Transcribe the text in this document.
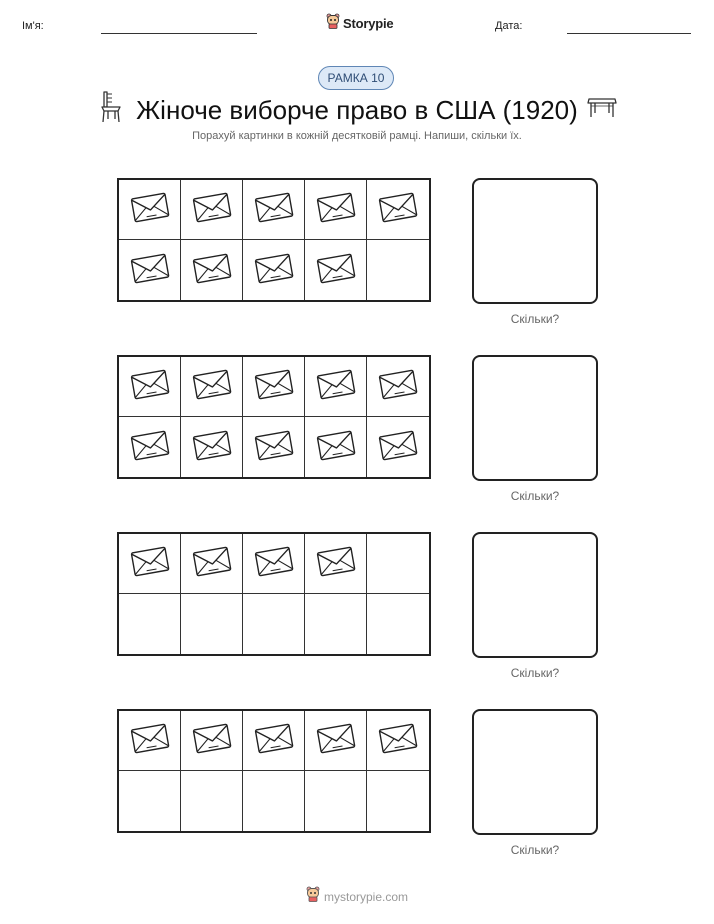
Ім'я:	Storypie	Дата:
РАМКА 10
Жіноче виборче право в США (1920)
Порахуй картинки в кожній десятковій рамці. Напиши, скільки їх.
Скільки?
Скільки?
Скільки?
Скільки?
mystorypie.com
